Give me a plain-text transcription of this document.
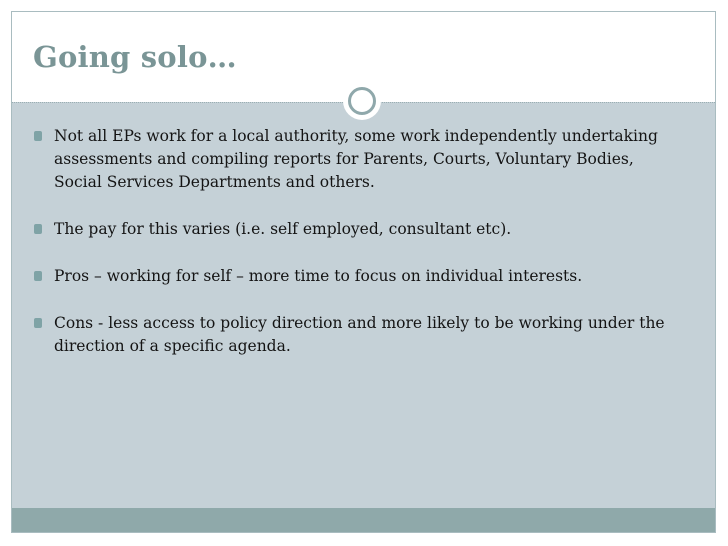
Going solo…
Not all EPs work for a local authority, some work independently undertaking assessments and compiling reports for Parents, Courts, Voluntary Bodies, Social Services Departments and others.
The pay for this varies (i.e. self employed, consultant etc).
Pros – working for self – more time to focus on individual interests.
Cons - less access to policy direction and more likely to be working under the direction of a specific agenda.
